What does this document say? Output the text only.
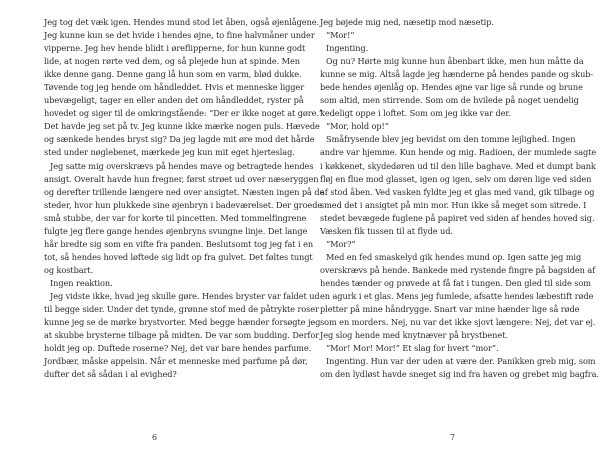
Jeg tog det væk igen. Hendes mund stod let åben, også øjenlågene.
Jeg kunne kun se det hvide i hendes øjne, to fine halvmåner under
vipperne. Jeg hev hende blidt i øreflipperne, for hun kunne godt
lide, at nogen rørte ved dem, og så plejede hun at spinde. Men
ikke denne gang. Denne gang lå hun som en varm, blød dukke.
Tøvende tog jeg hende om håndleddet. Hvis et menneske ligger
ubevægeligt, tager en eller anden det om håndleddet, ryster på
hovedet og siger til de omkringstående: “Der er ikke noget at gøre.”
Det havde jeg set på tv. Jeg kunne ikke mærke nogen puls. Hævede
og sænkede hendes bryst sig? Da jeg lagde mit øre mod det hårde
sted under nøglebenet, mærkede jeg kun mit eget hjerteslag.
Jeg satte mig overskrævs på hendes mave og betragtede hendes
ansigt. Overalt havde hun fregner, først strøet ud over næseryggen
og derefter trillende længere ned over ansigtet. Næsten ingen på de
steder, hvor hun plukkede sine øjenbryn i badeværelset. Der groede
små stubbe, der var for korte til pincetten. Med tommelfingrene
fulgte jeg flere gange hendes øjenbryns svungne linje. Det lange
hår bredte sig som en vifte fra panden. Beslutsomt tog jeg fat i en
tot, så hendes hoved løftede sig lidt op fra gulvet. Det føltes tungt
og kostbart.
Ingen reaktion.
Jeg vidste ikke, hvad jeg skulle gøre. Hendes bryster var faldet ud
til begge sider. Under det tynde, grønne stof med de påtrykte roser
kunne jeg se de mørke brystvorter. Med begge hænder forsøgte jeg
at skubbe brysterne tilbage på midten. De var som budding. Derfor
holdt jeg op. Duftede roserne? Nej, det var bare hendes parfume.
Jordbær, måske appelsin. Når et menneske med parfume på dør,
dufter det så sådan i al evighed?
6
Jeg bøjede mig ned, næsetip mod næsetip.
“Mor!”
Ingenting.
Og nu? Hørte mig kunne hun åbenbart ikke, men hun måtte da
kunne se mig. Altså lagde jeg hænderne på hendes pande og skub-
bede hendes øjenlåg op. Hendes øjne var lige så runde og brune
som altid, men stirrende. Som om de hvilede på noget uendelig
kedeligt oppe i loftet. Som om jeg ikke var der.
“Mor, hold op!”
Småfrysende blev jeg bevidst om den tomme lejlighed. Ingen
andre var hjemme. Kun hende og mig. Radioen, der mumlede sagte
i køkkenet, skydedøren ud til den lille baghave. Med et dumpt bank
fløj en flue mod glasset, igen og igen, selv om døren lige ved siden
af stod åben. Ved vasken fyldte jeg et glas med vand, gik tilbage og
smed det i ansigtet på min mor. Hun ikke så meget som sitrede. I
stedet bevægede fuglene på papiret ved siden af hendes hoved sig.
Væsken fik tussen til at flyde ud.
“Mor?”
Med en fed smaskelyd gik hendes mund op. Igen satte jeg mig
overskrævs på hende. Bankede med rystende fingre på bagsiden af
hendes tænder og prøvede at få fat i tungen. Den gled til side som
en agurk i et glas. Mens jeg fumlede, afsatte hendes læbestift røde
pletter på mine håndrygge. Snart var mine hænder lige så røde
som en morders. Nej, nu var det ikke sjovt længere: Nej, det var ej.
Jeg slog hende med knytnæver på brystbenet.
“Mor! Mor! Mor!” Et slag for hvert “mor”.
Ingenting. Hun var der uden at være der. Panikken greb mig, som
om den lydløst havde sneget sig ind fra haven og grebet mig bagfra.
7
